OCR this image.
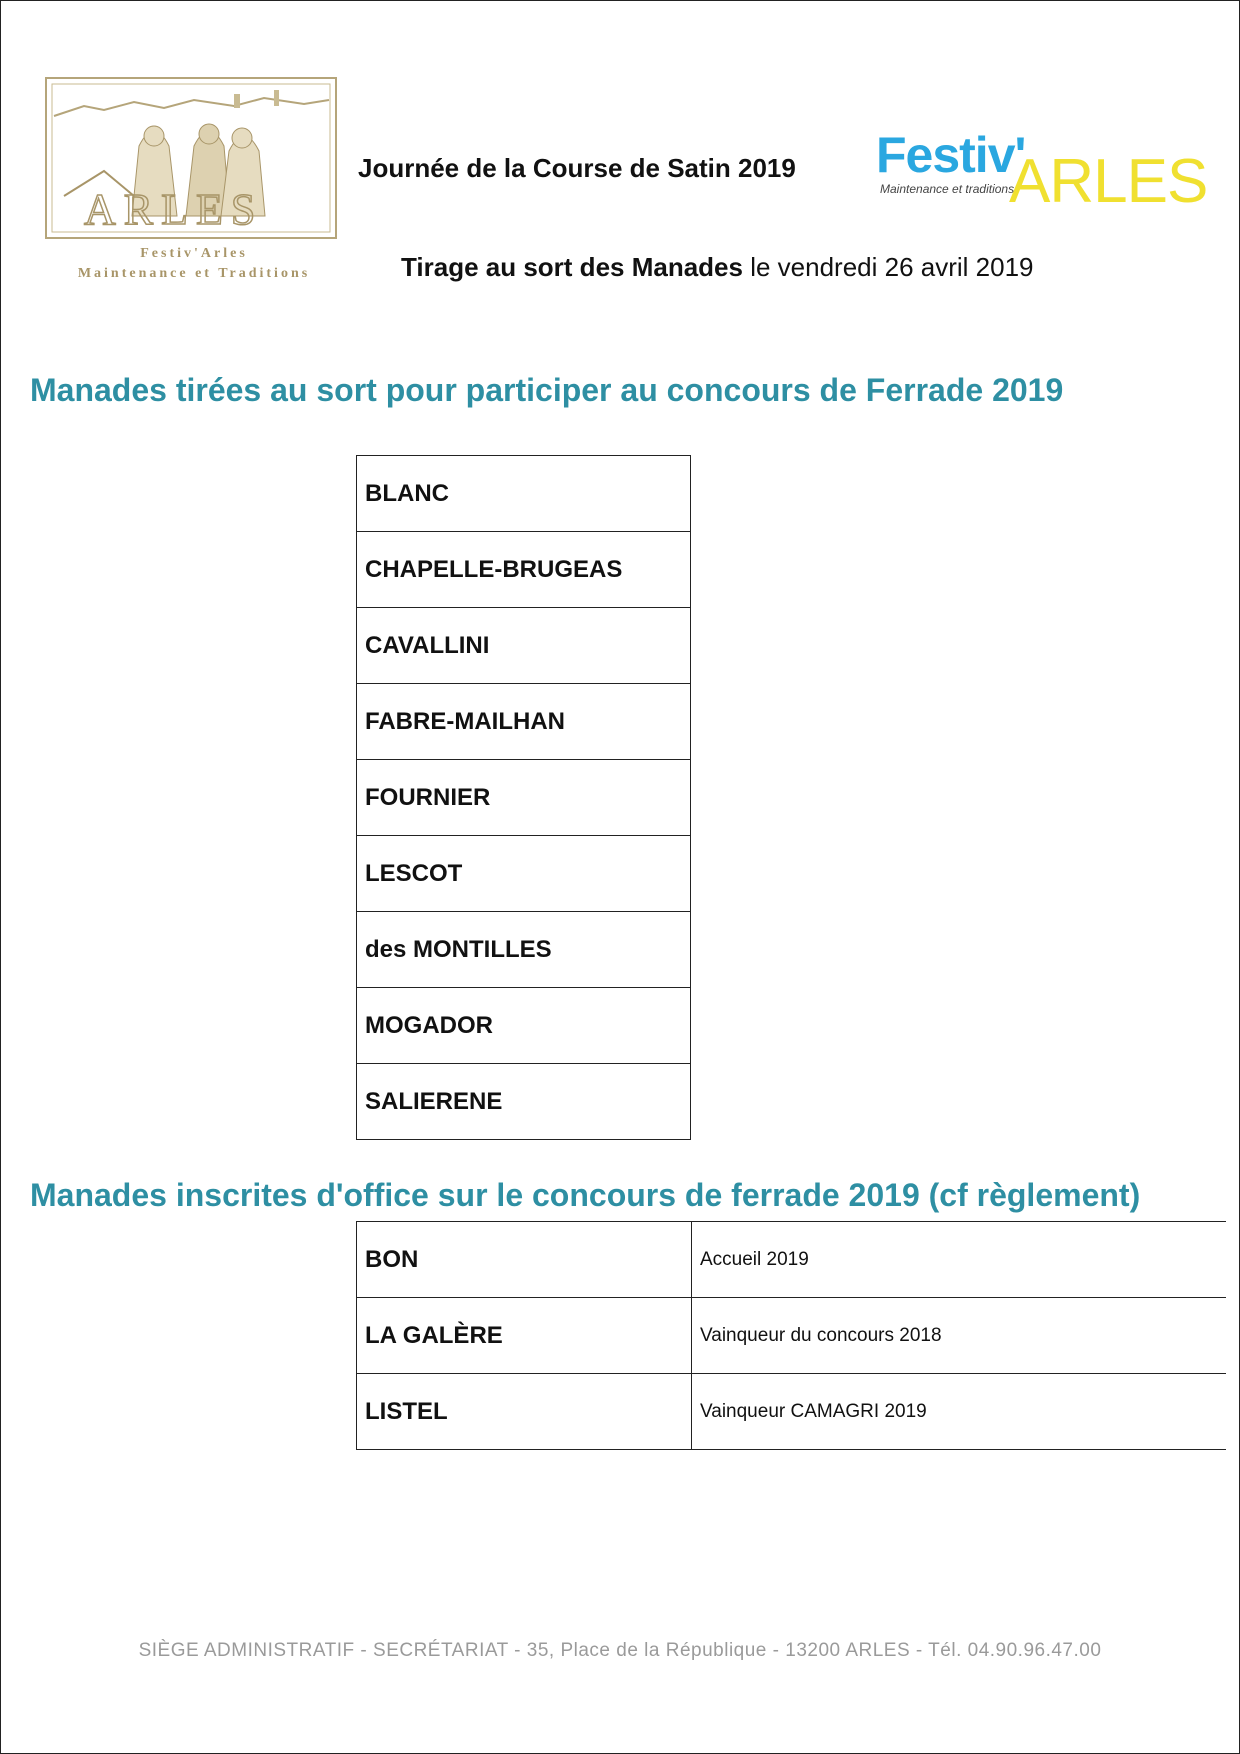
ARLES
Festiv'Arles
Maintenance et Traditions
Journée de la Course de Satin 2019 Festiv'
ARLES
Maintenance et traditions
Tirage au sort des Manades le vendredi 26 avril 2019
Manades tirées au sort pour participer au concours de Ferrade 2019
BLANC
CHAPELLE-BRUGEAS
CAVALLINI
FABRE-MAILHAN
FOURNIER
LESCOT
des MONTILLES
MOGADOR
SALIERENE
Manades inscrites d'office sur le concours de ferrade 2019 (cf règlement)
BON	Accueil 2019
LA GALÈRE	Vainqueur du concours 2018
LISTEL	Vainqueur CAMAGRI 2019
SIÈGE ADMINISTRATIF - SECRÉTARIAT - 35, Place de la République - 13200 ARLES - Tél. 04.90.96.47.00
